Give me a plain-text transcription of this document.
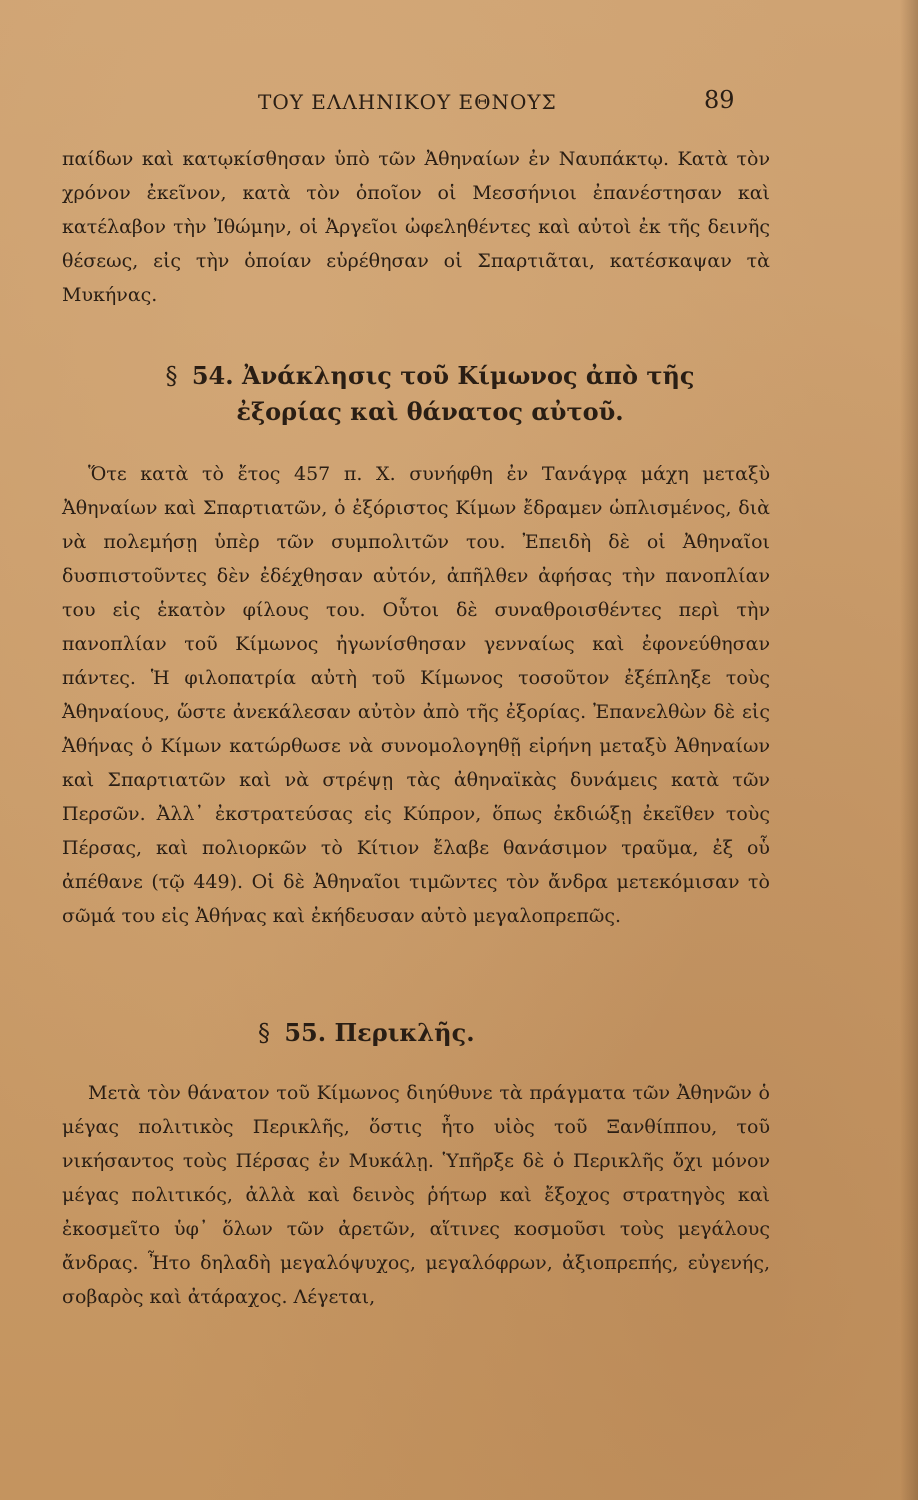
ΤΟΥ ΕΛΛΗΝΙΚΟΥ ΕΘΝΟΥΣ	89

παίδων καὶ κατῳκίσθησαν ὑπὸ τῶν Ἀθηναίων ἐν Ναυπάκτῳ. Κατὰ τὸν χρόνον ἐκεῖνον, κατὰ τὸν ὁποῖον οἱ Μεσσήνιοι ἐπανέστησαν καὶ κατέλαβον τὴν Ἰθώμην, οἱ Ἀργεῖοι ὠφεληθέντες καὶ αὐτοὶ ἐκ τῆς δεινῆς θέσεως, εἰς τὴν ὁποίαν εὑρέθησαν οἱ Σπαρτιᾶται, κατέσκαψαν τὰ Μυκήνας.

§ 54. Ἀνάκλησις τοῦ Κίμωνος ἀπὸ τῆς ἐξορίας καὶ θάνατος αὐτοῦ.

Ὅτε κατὰ τὸ ἔτος 457 π. Χ. συνήφθη ἐν Τανάγρᾳ μάχη μεταξὺ Ἀθηναίων καὶ Σπαρτιατῶν, ὁ ἐξόριστος Κίμων ἔδραμεν ὡπλισμένος, διὰ νὰ πολεμήσῃ ὑπὲρ τῶν συμπολιτῶν του. Ἐπειδὴ δὲ οἱ Ἀθηναῖοι δυσπιστοῦντες δὲν ἐδέχθησαν αὐτόν, ἀπῆλθεν ἀφήσας τὴν πανοπλίαν του εἰς ἑκατὸν φίλους του. Οὗτοι δὲ συναθροισθέντες περὶ τὴν πανοπλίαν τοῦ Κίμωνος ἠγωνίσθησαν γενναίως καὶ ἐφονεύθησαν πάντες. Ἡ φιλοπατρία αὐτὴ τοῦ Κίμωνος τοσοῦτον ἐξέπληξε τοὺς Ἀθηναίους, ὥστε ἀνεκάλεσαν αὐτὸν ἀπὸ τῆς ἐξορίας. Ἐπανελθὼν δὲ εἰς Ἀθήνας ὁ Κίμων κατώρθωσε νὰ συνομολογηθῇ εἰρήνη μεταξὺ Ἀθηναίων καὶ Σπαρτιατῶν καὶ νὰ στρέψῃ τὰς ἀθηναϊκὰς δυνάμεις κατὰ τῶν Περσῶν. Ἀλλ᾽ ἐκστρατεύσας εἰς Κύπρον, ὅπως ἐκδιώξῃ ἐκεῖθεν τοὺς Πέρσας, καὶ πολιορκῶν τὸ Κίτιον ἔλαβε θανάσιμον τραῦμα, ἐξ οὗ ἀπέθανε (τῷ 449). Οἱ δὲ Ἀθηναῖοι τιμῶντες τὸν ἄνδρα μετεκόμισαν τὸ σῶμά του εἰς Ἀθήνας καὶ ἐκήδευσαν αὐτὸ μεγαλοπρεπῶς.

§ 55. Περικλῆς.

Μετὰ τὸν θάνατον τοῦ Κίμωνος διηύθυνε τὰ πράγματα τῶν Ἀθηνῶν ὁ μέγας πολιτικὸς Περικλῆς, ὅστις ἦτο υἱὸς τοῦ Ξανθίππου, τοῦ νικήσαντος τοὺς Πέρσας ἐν Μυκάλῃ. Ὑπῆρξε δὲ ὁ Περικλῆς ὄχι μόνον μέγας πολιτικός, ἀλλὰ καὶ δεινὸς ῥήτωρ καὶ ἔξοχος στρατηγὸς καὶ ἐκοσμεῖτο ὑφ᾽ ὅλων τῶν ἀρετῶν, αἵτινες κοσμοῦσι τοὺς μεγάλους ἄνδρας. Ἦτο δηλαδὴ μεγαλόψυχος, μεγαλόφρων, ἀξιοπρεπής, εὐγενής, σοβαρὸς καὶ ἀτάραχος. Λέγεται,
